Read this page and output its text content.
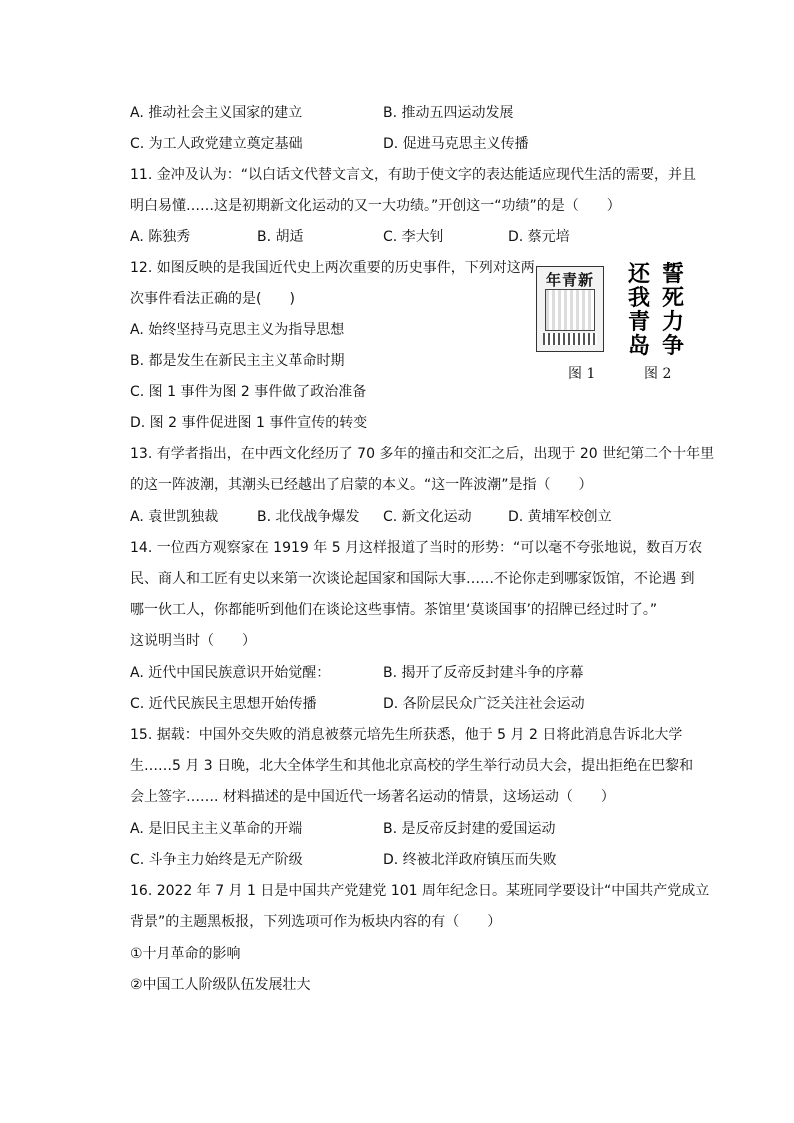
A. 推动社会主义国家的建立	B. 推动五四运动发展
C. 为工人政党建立奠定基础	D. 促进马克思主义传播
11. 金冲及认为：“以白话文代替文言文，有助于使文字的表达能适应现代生活的需要，并且
明白易懂……这是初期新文化运动的又一大功绩。”开创这一“功绩”的是（　　）
A. 陈独秀	B. 胡适	C. 李大钊	D. 蔡元培
12. 如图反映的是我国近代史上两次重要的历史事件，下列对这两
次事件看法正确的是(　　)
A. 始终坚持马克思主义为指导思想
B. 都是发生在新民主主义革命时期
C. 图 1 事件为图 2 事件做了政治准备
D. 图 2 事件促进图 1 事件宣传的转变
年青新
图 1
誓
死
力
争
还
我
青
岛
图 2
13. 有学者指出，在中西文化经历了 70 多年的撞击和交汇之后，出现于 20 世纪第二个十年里
的这一阵波潮，其潮头已经越出了启蒙的本义。“这一阵波潮”是指（　　）
A. 袁世凯独裁	B. 北伐战争爆发 C. 新文化运动	D. 黄埔军校创立
14. 一位西方观察家在 1919 年 5 月这样报道了当时的形势：“可以毫不夸张地说，数百万农
民、商人和工匠有史以来第一次谈论起国家和国际大事……不论你走到哪家饭馆，不论遇 到
哪一伙工人，你都能听到他们在谈论这些事情。茶馆里‘莫谈国事’的招牌已经过时了。”
这说明当时（　　）
A. 近代中国民族意识开始觉醒：	B. 揭开了反帝反封建斗争的序幕
C. 近代民族民主思想开始传播	D. 各阶层民众广泛关注社会运动
15. 据载：中国外交失败的消息被蔡元培先生所获悉，他于 5 月 2 日将此消息告诉北大学
生……5 月 3 日晚，北大全体学生和其他北京高校的学生举行动员大会，提出拒绝在巴黎和
会上签字……. 材料描述的是中国近代一场著名运动的情景，这场运动（　　）
A. 是旧民主主义革命的开端	B. 是反帝反封建的爱国运动
C. 斗争主力始终是无产阶级	D. 终被北洋政府镇压而失败
16. 2022 年 7 月 1 日是中国共产党建党 101 周年纪念日。某班同学要设计“中国共产党成立
背景”的主题黑板报，下列选项可作为板块内容的有（　　）
①十月革命的影响
②中国工人阶级队伍发展壮大
